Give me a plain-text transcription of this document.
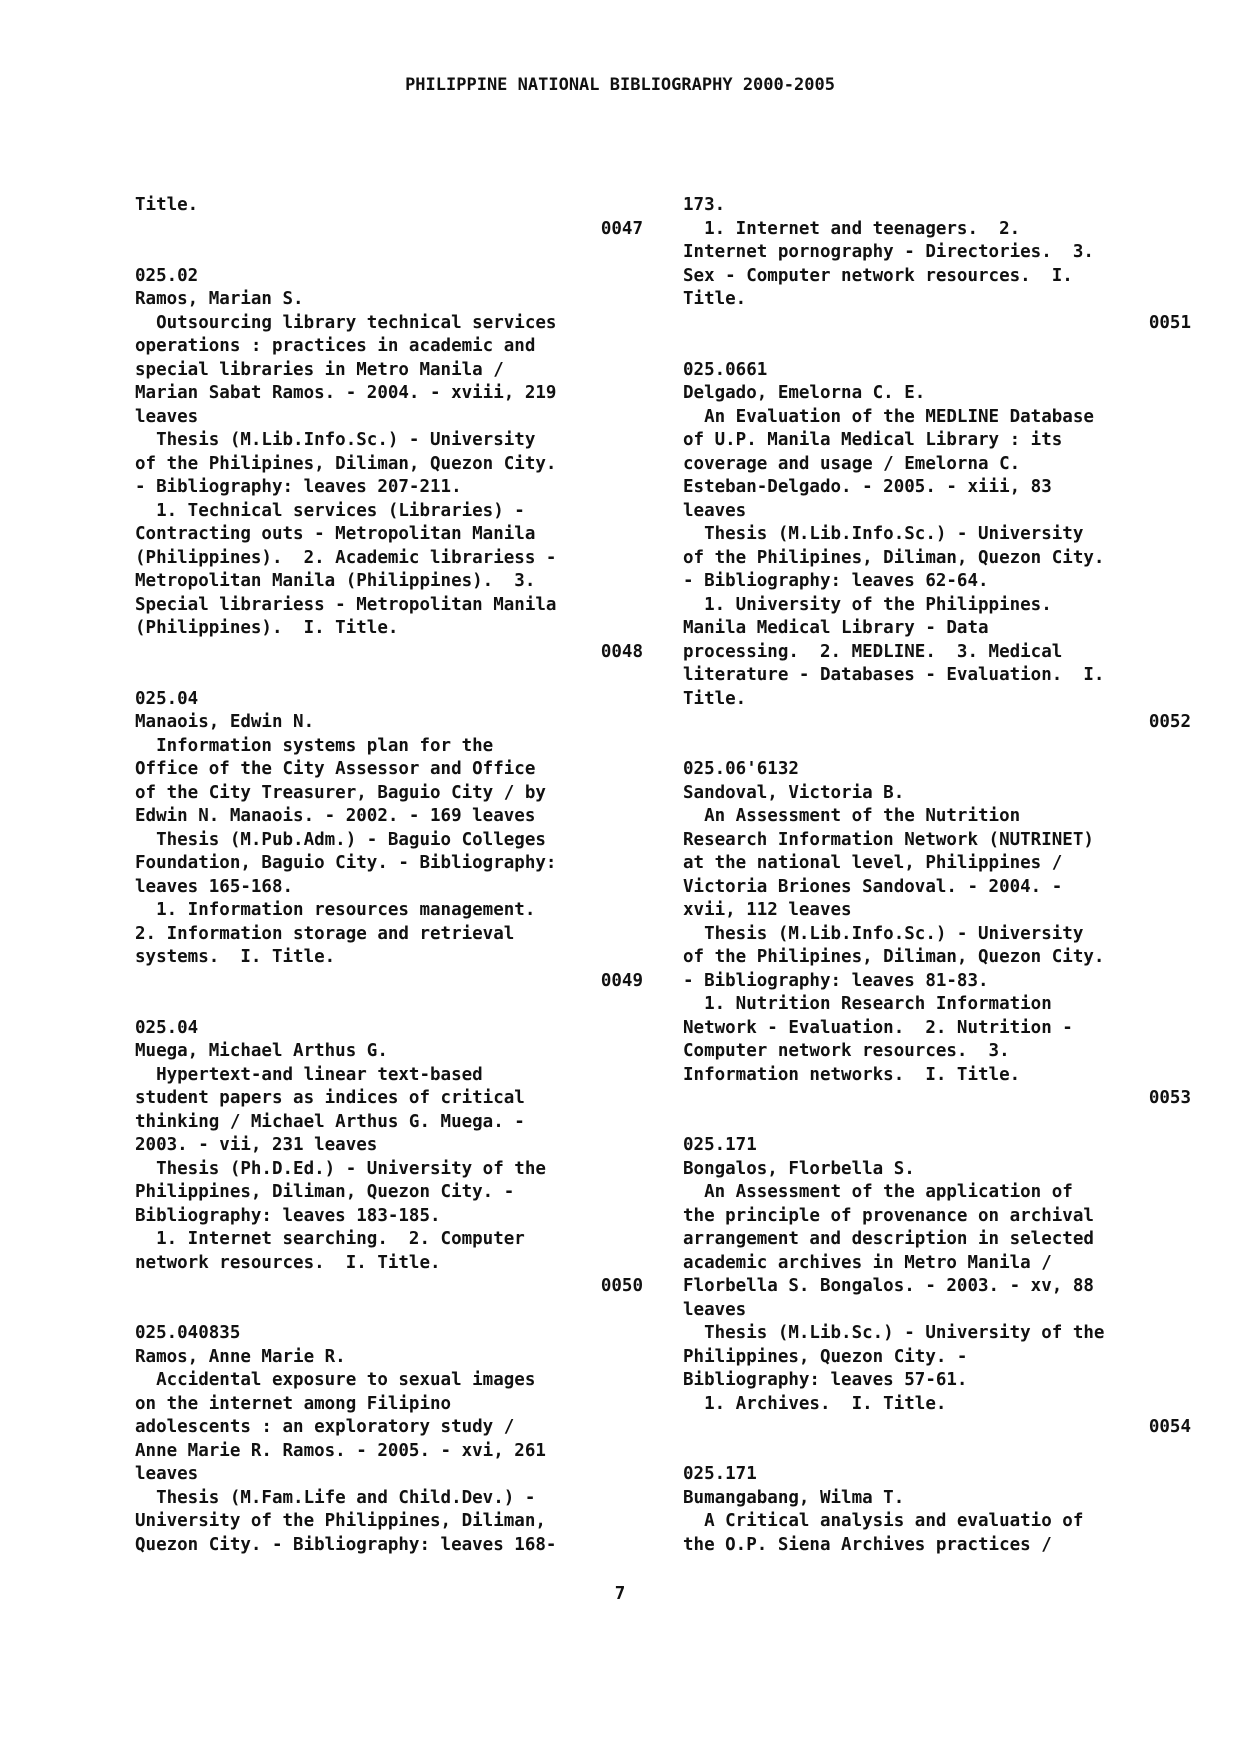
PHILIPPINE NATIONAL BIBLIOGRAPHY 2000-2005
Title.
0047
025.02
Ramos, Marian S.
Outsourcing library technical services
operations : practices in academic and
special libraries in Metro Manila /
Marian Sabat Ramos. - 2004. - xviii, 219
leaves
Thesis (M.Lib.Info.Sc.) - University
of the Philipines, Diliman, Quezon City.
- Bibliography: leaves 207-211.
1. Technical services (Libraries) -
Contracting outs - Metropolitan Manila
(Philippines).  2. Academic librariess -
Metropolitan Manila (Philippines).  3.
Special librariess - Metropolitan Manila
(Philippines).  I. Title.
0048
025.04
Manaois, Edwin N.
Information systems plan for the
Office of the City Assessor and Office
of the City Treasurer, Baguio City / by
Edwin N. Manaois. - 2002. - 169 leaves
Thesis (M.Pub.Adm.) - Baguio Colleges
Foundation, Baguio City. - Bibliography:
leaves 165-168.
1. Information resources management.
2. Information storage and retrieval
systems.  I. Title.
0049
025.04
Muega, Michael Arthus G.
Hypertext-and linear text-based
student papers as indices of critical
thinking / Michael Arthus G. Muega. -
2003. - vii, 231 leaves
Thesis (Ph.D.Ed.) - University of the
Philippines, Diliman, Quezon City. -
Bibliography: leaves 183-185.
1. Internet searching.  2. Computer
network resources.  I. Title.
0050
025.040835
Ramos, Anne Marie R.
Accidental exposure to sexual images
on the internet among Filipino
adolescents : an exploratory study /
Anne Marie R. Ramos. - 2005. - xvi, 261
leaves
Thesis (M.Fam.Life and Child.Dev.) -
University of the Philippines, Diliman,
Quezon City. - Bibliography: leaves 168-
173.
1. Internet and teenagers.  2.
Internet pornography - Directories.  3.
Sex - Computer network resources.  I.
Title.
0051
025.0661
Delgado, Emelorna C. E.
An Evaluation of the MEDLINE Database
of U.P. Manila Medical Library : its
coverage and usage / Emelorna C.
Esteban-Delgado. - 2005. - xiii, 83
leaves
Thesis (M.Lib.Info.Sc.) - University
of the Philipines, Diliman, Quezon City.
- Bibliography: leaves 62-64.
1. University of the Philippines.
Manila Medical Library - Data
processing.  2. MEDLINE.  3. Medical
literature - Databases - Evaluation.  I.
Title.
0052
025.06'6132
Sandoval, Victoria B.
An Assessment of the Nutrition
Research Information Network (NUTRINET)
at the national level, Philippines /
Victoria Briones Sandoval. - 2004. -
xvii, 112 leaves
Thesis (M.Lib.Info.Sc.) - University
of the Philipines, Diliman, Quezon City.
- Bibliography: leaves 81-83.
1. Nutrition Research Information
Network - Evaluation.  2. Nutrition -
Computer network resources.  3.
Information networks.  I. Title.
0053
025.171
Bongalos, Florbella S.
An Assessment of the application of
the principle of provenance on archival
arrangement and description in selected
academic archives in Metro Manila /
Florbella S. Bongalos. - 2003. - xv, 88
leaves
Thesis (M.Lib.Sc.) - University of the
Philippines, Quezon City. -
Bibliography: leaves 57-61.
1. Archives.  I. Title.
0054
025.171
Bumangabang, Wilma T.
A Critical analysis and evaluatio of
the O.P. Siena Archives practices /
7
